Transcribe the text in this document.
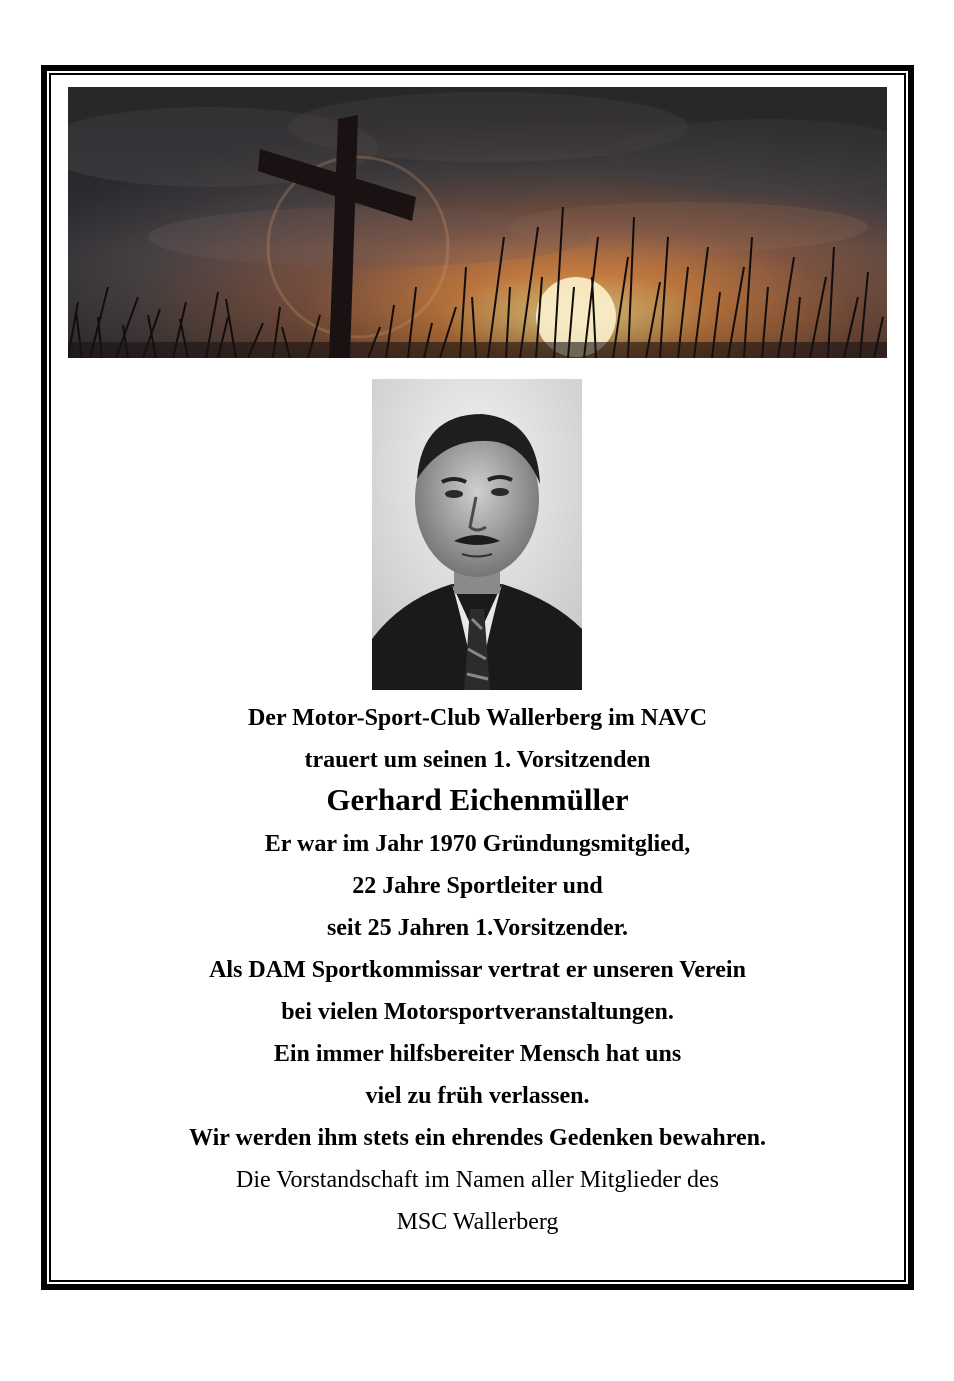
Der Motor-Sport-Club Wallerberg im NAVC
trauert um seinen 1. Vorsitzenden
Gerhard Eichenmüller
Er war im Jahr 1970 Gründungsmitglied,
22 Jahre Sportleiter und
seit 25 Jahren 1.Vorsitzender.
Als DAM Sportkommissar vertrat er unseren Verein
bei vielen Motorsportveranstaltungen.
Ein immer hilfsbereiter Mensch hat uns
viel zu früh verlassen.
Wir werden ihm stets ein ehrendes Gedenken bewahren.
Die Vorstandschaft im Namen aller Mitglieder des
MSC Wallerberg
